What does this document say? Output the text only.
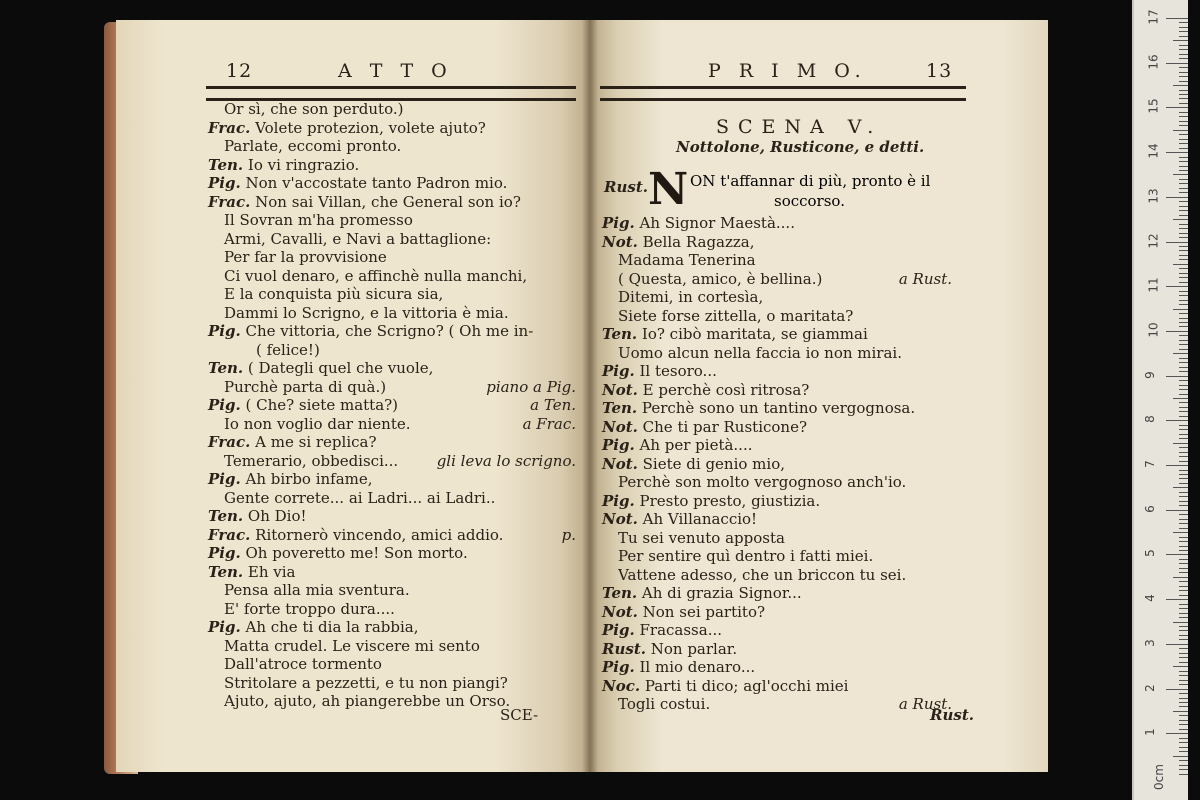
12	A T T O
Or sì, che son perduto.)
Frac. Volete protezion, volete ajuto?
Parlate, eccomi pronto.
Ten. Io vi ringrazio.
Pig. Non v'accostate tanto Padron mio.
Frac. Non sai Villan, che General son io?
Il Sovran m'ha promesso
Armi, Cavalli, e Navi a battaglione:
Per far la provvisione
Ci vuol denaro, e affinchè nulla manchi,
E la conquista più sicura sia,
Dammi lo Scrigno, e la vittoria è mia.
Pig. Che vittoria, che Scrigno? ( Oh me in-
( felice!)
Ten. ( Dategli quel che vuole,
Purchè parta di quà.)	piano a Pig.
Pig. ( Che? siete matta?)	a Ten.
Io non voglio dar niente.	a Frac.
Frac. A me si replica?
Temerario, obbedisci...	gli leva lo scrigno.
Pig. Ah birbo infame,
Gente correte... ai Ladri... ai Ladri..
Ten. Oh Dio!
Frac. Ritornerò vincendo, amici addio.	p.
Pig. Oh poveretto me! Son morto.
Ten. Eh via
Pensa alla mia sventura.
E' forte troppo dura....
Pig. Ah che ti dia la rabbia,
Matta crudel. Le viscere mi sento
Dall'atroce tormento
Stritolare a pezzetti, e tu non piangi?
Ajuto, ajuto, ah piangerebbe un Orso.
SCE-
P R I M O.	13
SCENA V.
Nottolone, Rusticone, e detti.
Rust. N ON t'affannar di più, pronto è il
soccorso.
Pig. Ah Signor Maestà....
Not. Bella Ragazza,
Madama Tenerina
( Questa, amico, è bellina.)	a Rust.
Ditemi, in cortesìa,
Siete forse zittella, o maritata?
Ten. Io? cibò maritata, se giammai
Uomo alcun nella faccia io non mirai.
Pig. Il tesoro...
Not. E perchè così ritrosa?
Ten. Perchè sono un tantino vergognosa.
Not. Che ti par Rusticone?
Pig. Ah per pietà....
Not. Siete di genio mio,
Perchè son molto vergognoso anch'io.
Pig. Presto presto, giustizia.
Not. Ah Villanaccio!
Tu sei venuto apposta
Per sentire quì dentro i fatti miei.
Vattene adesso, che un briccon tu sei.
Ten. Ah di grazia Signor...
Not. Non sei partito?
Pig. Fracassa...
Rust. Non parlar.
Pig. Il mio denaro...
Noc. Parti ti dico; agl'occhi miei
Togli costui.	a Rust.
Rust.
17
16
15
14
13
12
11
10
9
8
7
6
5
4
3
2
1
0cm
